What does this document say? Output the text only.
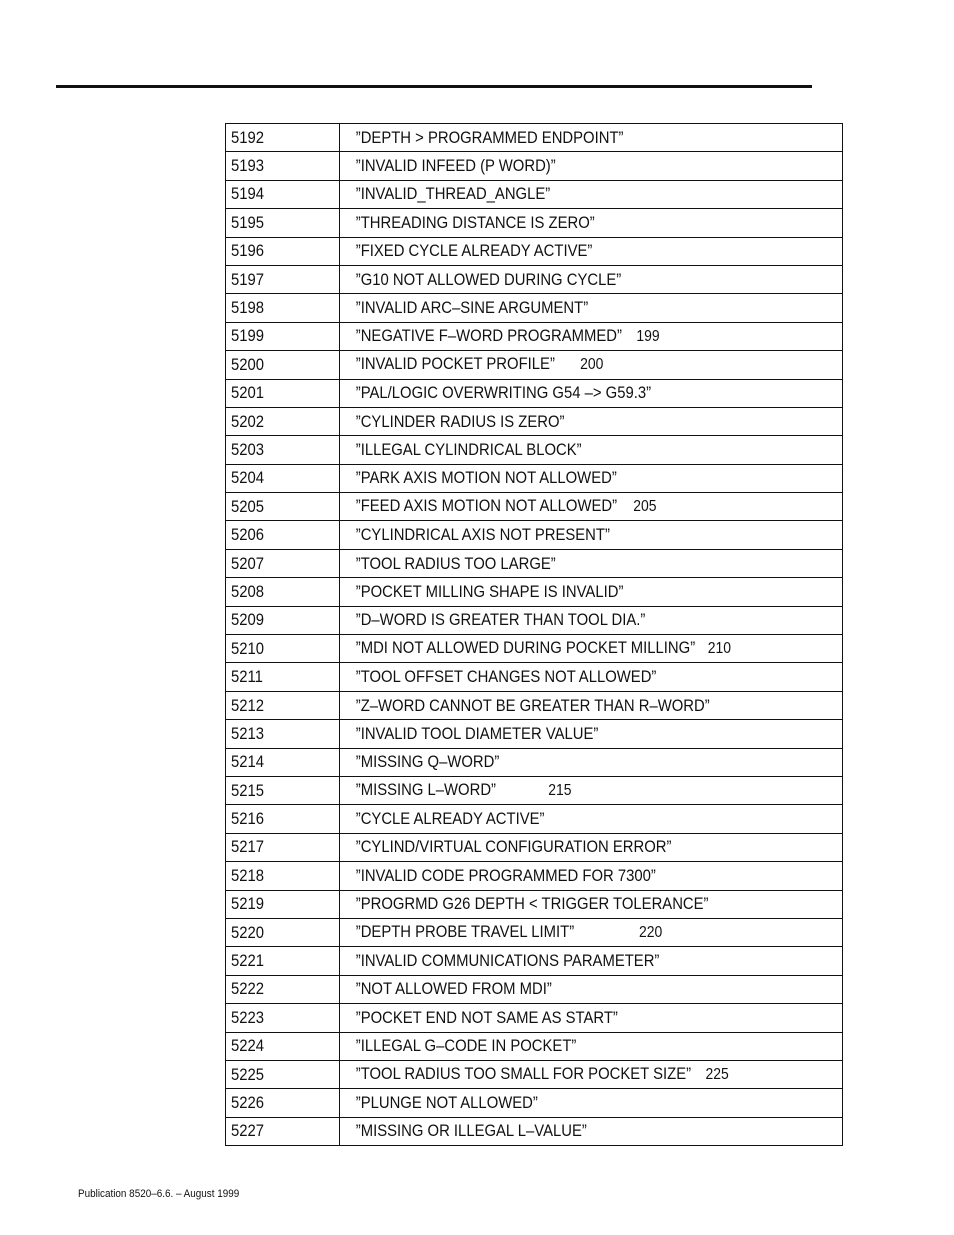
5192	”DEPTH > PROGRAMMED ENDPOINT”
5193	”INVALID INFEED (P WORD)”
5194	”INVALID_THREAD_ANGLE”
5195	”THREADING DISTANCE IS ZERO”
5196	”FIXED CYCLE ALREADY ACTIVE”
5197	”G10 NOT ALLOWED DURING CYCLE”
5198	”INVALID ARC–SINE ARGUMENT”
5199	”NEGATIVE F–WORD PROGRAMMED” 199
5200	”INVALID POCKET PROFILE” 200
5201	”PAL/LOGIC OVERWRITING G54 –> G59.3”
5202	”CYLINDER RADIUS IS ZERO”
5203	”ILLEGAL CYLINDRICAL BLOCK”
5204	”PARK AXIS MOTION NOT ALLOWED”
5205	”FEED AXIS MOTION NOT ALLOWED” 205
5206	”CYLINDRICAL AXIS NOT PRESENT”
5207	”TOOL RADIUS TOO LARGE”
5208	”POCKET MILLING SHAPE IS INVALID”
5209	”D–WORD IS GREATER THAN TOOL DIA.”
5210	”MDI NOT ALLOWED DURING POCKET MILLING” 210
5211	”TOOL OFFSET CHANGES NOT ALLOWED”
5212	”Z–WORD CANNOT BE GREATER THAN R–WORD”
5213	”INVALID TOOL DIAMETER VALUE”
5214	”MISSING Q–WORD”
5215	”MISSING L–WORD” 215
5216	”CYCLE ALREADY ACTIVE”
5217	”CYLIND/VIRTUAL CONFIGURATION ERROR”
5218	”INVALID CODE PROGRAMMED FOR 7300”
5219	”PROGRMD G26 DEPTH < TRIGGER TOLERANCE”
5220	”DEPTH PROBE TRAVEL LIMIT” 220
5221	”INVALID COMMUNICATIONS PARAMETER”
5222	”NOT ALLOWED FROM MDI”
5223	”POCKET END NOT SAME AS START”
5224	”ILLEGAL G–CODE IN POCKET”
5225	”TOOL RADIUS TOO SMALL FOR POCKET SIZE” 225
5226	”PLUNGE NOT ALLOWED”
5227	”MISSING OR ILLEGAL L–VALUE”
Publication 8520–6.6. – August 1999
